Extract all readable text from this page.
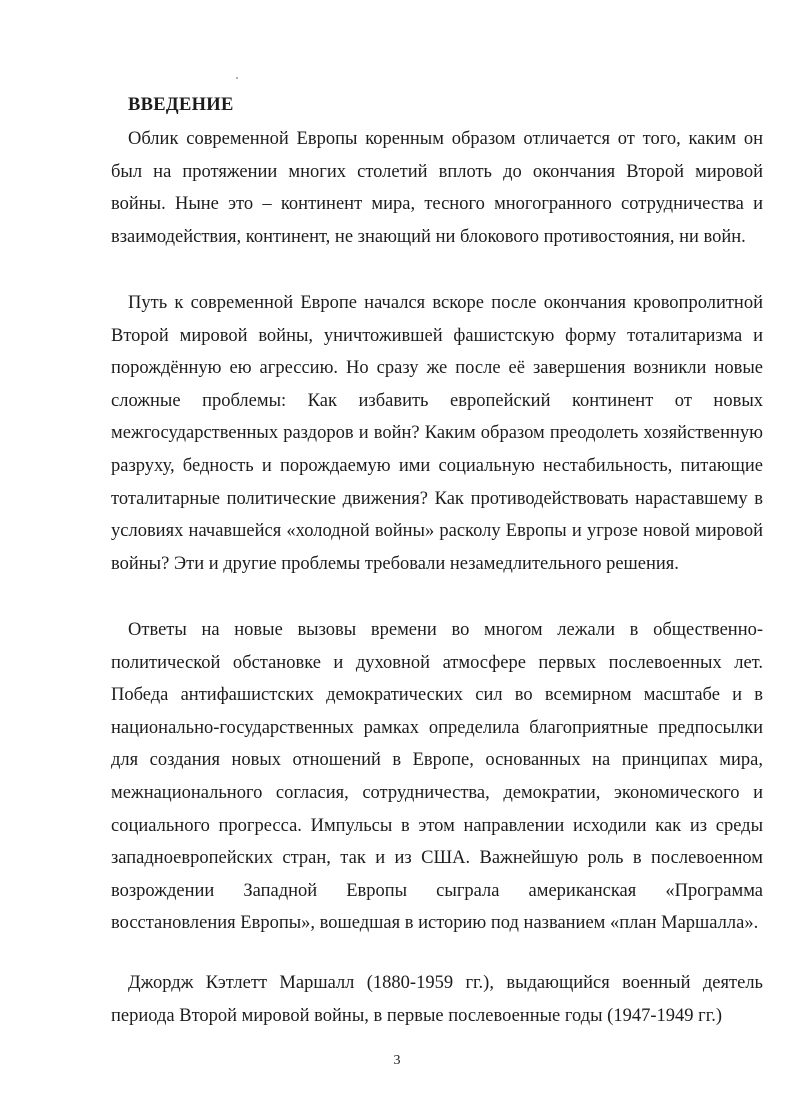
ВВЕДЕНИЕ

Облик современной Европы коренным образом отличается от того, каким он был на протяжении многих столетий вплоть до окончания Второй мировой войны. Ныне это – континент мира, тесного многогранного сотрудничества и взаимодействия, континент, не знающий ни блокового противостояния, ни войн.

Путь к современной Европе начался вскоре после окончания кровопролитной Второй мировой войны, уничтожившей фашистскую форму тоталитаризма и порождённую ею агрессию. Но сразу же после её завершения возникли новые сложные проблемы: Как избавить европейский континент от новых межгосударственных раздоров и войн? Каким образом преодолеть хозяйственную разруху, бедность и порождаемую ими социальную нестабильность, питающие тоталитарные политические движения? Как противодействовать нараставшему в условиях начавшейся «холодной войны» расколу Европы и угрозе новой мировой войны? Эти и другие проблемы требовали незамедлительного решения.

Ответы на новые вызовы времени во многом лежали в общественно-политической обстановке и духовной атмосфере первых послевоенных лет. Победа антифашистских демократических сил во всемирном масштабе и в национально-государственных рамках определила благоприятные предпосылки для создания новых отношений в Европе, основанных на принципах мира, межнационального согласия, сотрудничества, демократии, экономического и социального прогресса. Импульсы в этом направлении исходили как из среды западноевропейских стран, так и из США. Важнейшую роль в послевоенном возрождении Западной Европы сыграла американская «Программа восстановления Европы», вошедшая в историю под названием «план Маршалла».

Джордж Кэтлетт Маршалл (1880-1959 гг.), выдающийся военный деятель периода Второй мировой войны, в первые послевоенные годы (1947-1949 гг.)

3
